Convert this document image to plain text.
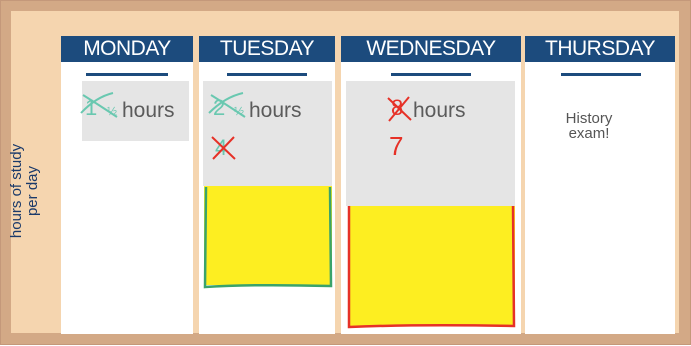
hours of study
per day
MONDAY
1 ½ hours
TUESDAY
2 ½ hours
4
WEDNESDAY
8 hours
7
THURSDAY
History
exam!
